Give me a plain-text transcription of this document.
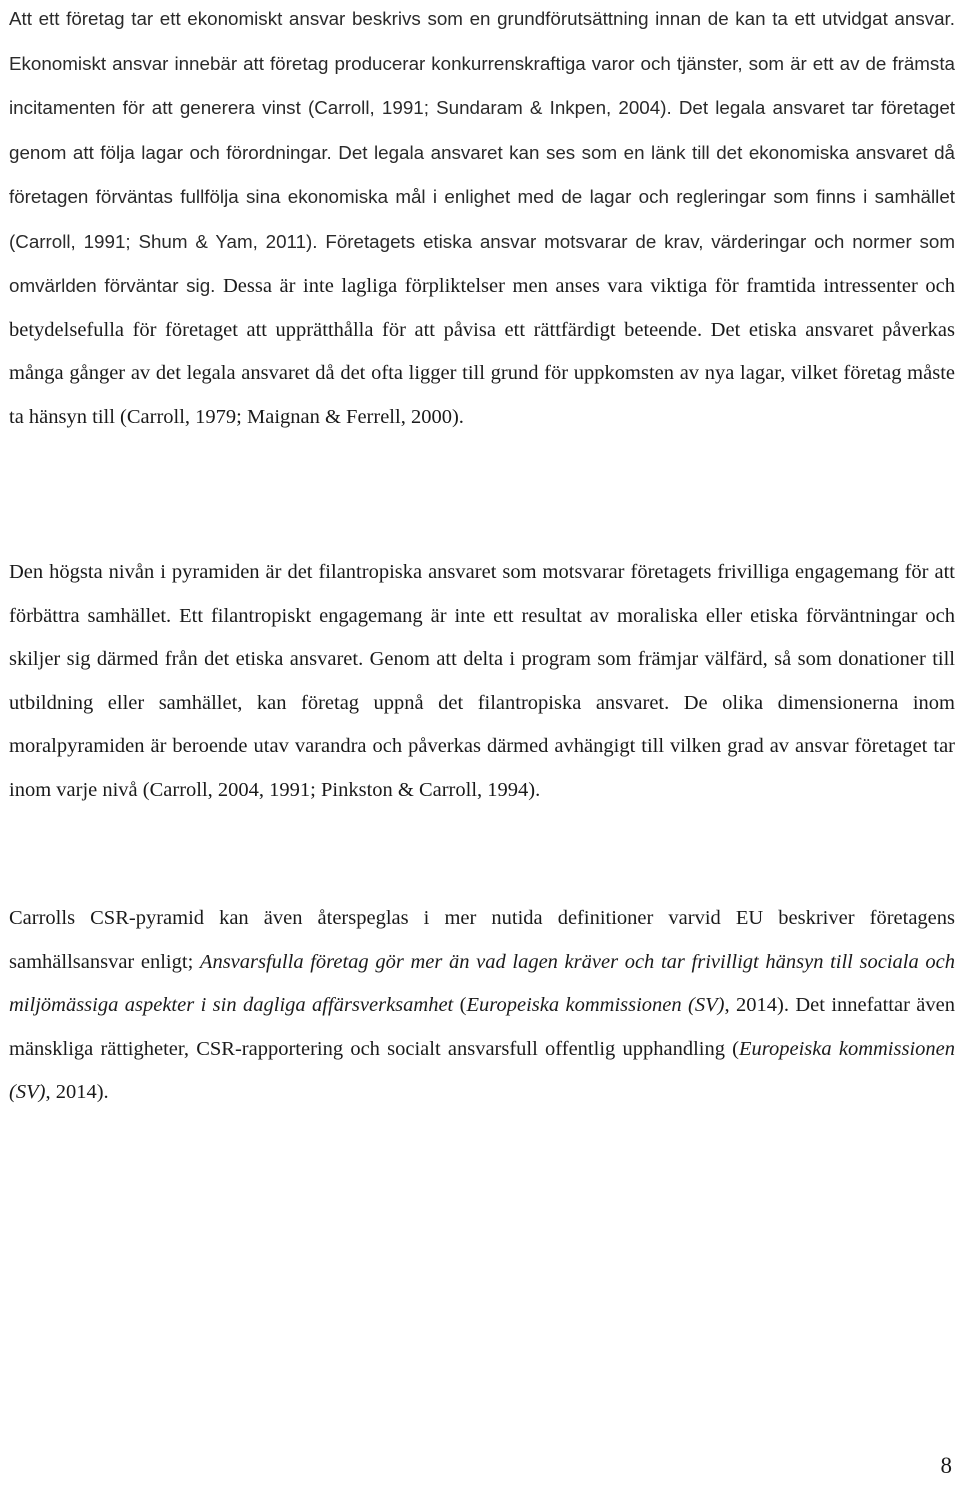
Att ett företag tar ett ekonomiskt ansvar beskrivs som en grundförutsättning innan de kan ta ett utvidgat ansvar. Ekonomiskt ansvar innebär att företag producerar konkurrenskraftiga varor och tjänster, som är ett av de främsta incitamenten för att generera vinst (Carroll, 1991; Sundaram & Inkpen, 2004). Det legala ansvaret tar företaget genom att följa lagar och förordningar. Det legala ansvaret kan ses som en länk till det ekonomiska ansvaret då företagen förväntas fullfölja sina ekonomiska mål i enlighet med de lagar och regleringar som finns i samhället (Carroll, 1991; Shum & Yam, 2011). Företagets etiska ansvar motsvarar de krav, värderingar och normer som omvärlden förväntar sig. Dessa är inte lagliga förpliktelser men anses vara viktiga för framtida intressenter och betydelsefulla för företaget att upprätthålla för att påvisa ett rättfärdigt beteende. Det etiska ansvaret påverkas många gånger av det legala ansvaret då det ofta ligger till grund för uppkomsten av nya lagar, vilket företag måste ta hänsyn till (Carroll, 1979; Maignan & Ferrell, 2000).

Den högsta nivån i pyramiden är det filantropiska ansvaret som motsvarar företagets frivilliga engagemang för att förbättra samhället. Ett filantropiskt engagemang är inte ett resultat av moraliska eller etiska förväntningar och skiljer sig därmed från det etiska ansvaret. Genom att delta i program som främjar välfärd, så som donationer till utbildning eller samhället, kan företag uppnå det filantropiska ansvaret. De olika dimensionerna inom moralpyramiden är beroende utav varandra och påverkas därmed avhängigt till vilken grad av ansvar företaget tar inom varje nivå (Carroll, 2004, 1991; Pinkston & Carroll, 1994).

Carrolls CSR-pyramid kan även återspeglas i mer nutida definitioner varvid EU beskriver företagens samhällsansvar enligt; Ansvarsfulla företag gör mer än vad lagen kräver och tar frivilligt hänsyn till sociala och miljömässiga aspekter i sin dagliga affärsverksamhet (Europeiska kommissionen (SV), 2014). Det innefattar även mänskliga rättigheter, CSR-rapportering och socialt ansvarsfull offentlig upphandling (Europeiska kommissionen (SV), 2014).

8
